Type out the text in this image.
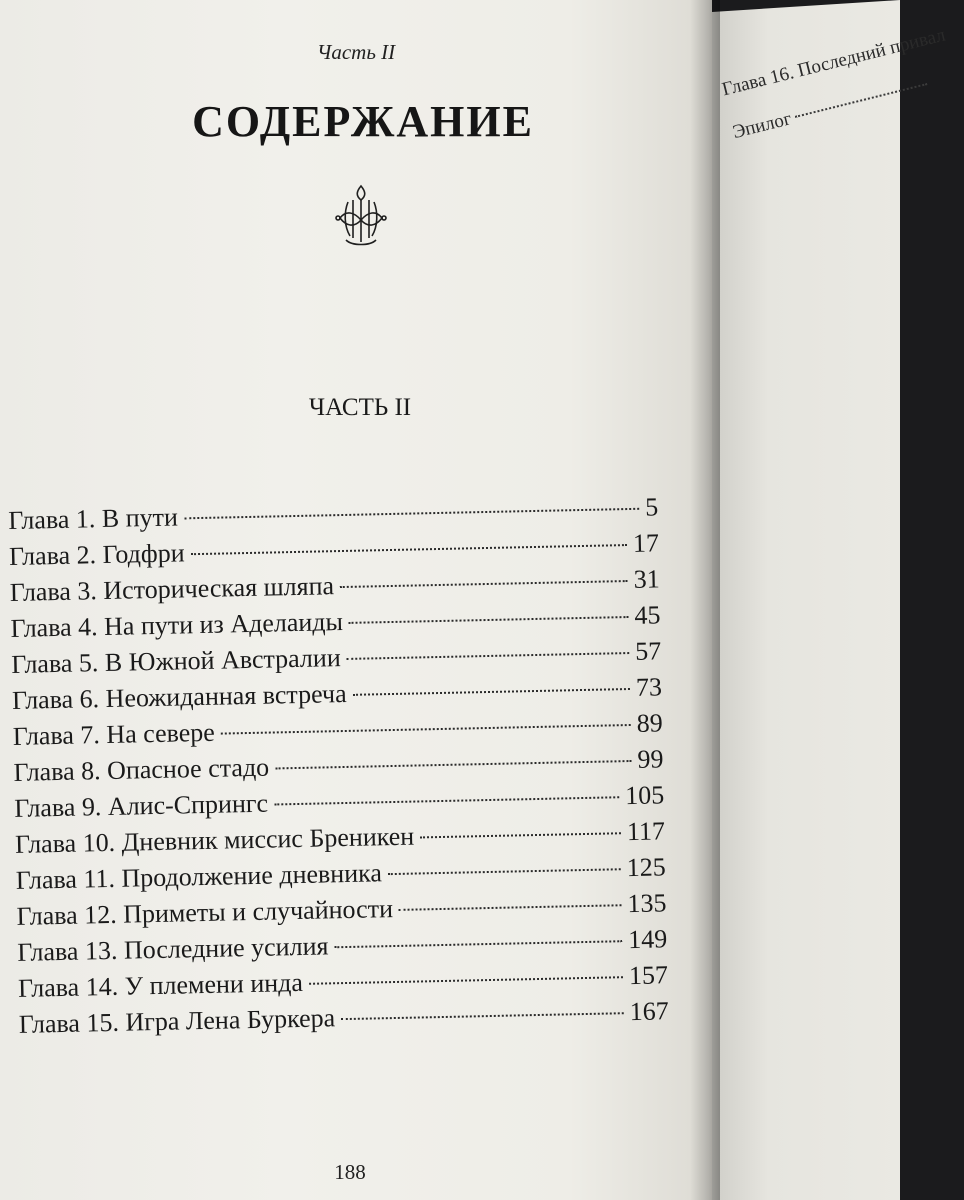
Часть II
СОДЕРЖАНИЕ
ЧАСТЬ II
Глава 1. В пути	5
Глава 2. Годфри	17
Глава 3. Историческая шляпа	31
Глава 4. На пути из Аделаиды	45
Глава 5. В Южной Австралии	57
Глава 6. Неожиданная встреча	73
Глава 7. На севере	89
Глава 8. Опасное стадо	99
Глава 9. Алис-Спрингс	105
Глава 10. Дневник миссис Бреникен	117
Глава 11. Продолжение дневника	125
Глава 12. Приметы и случайности	135
Глава 13. Последние усилия	149
Глава 14. У племени инда	157
Глава 15. Игра Лена Буркера	167
188
Глава 16. Последний привал
Эпилог
